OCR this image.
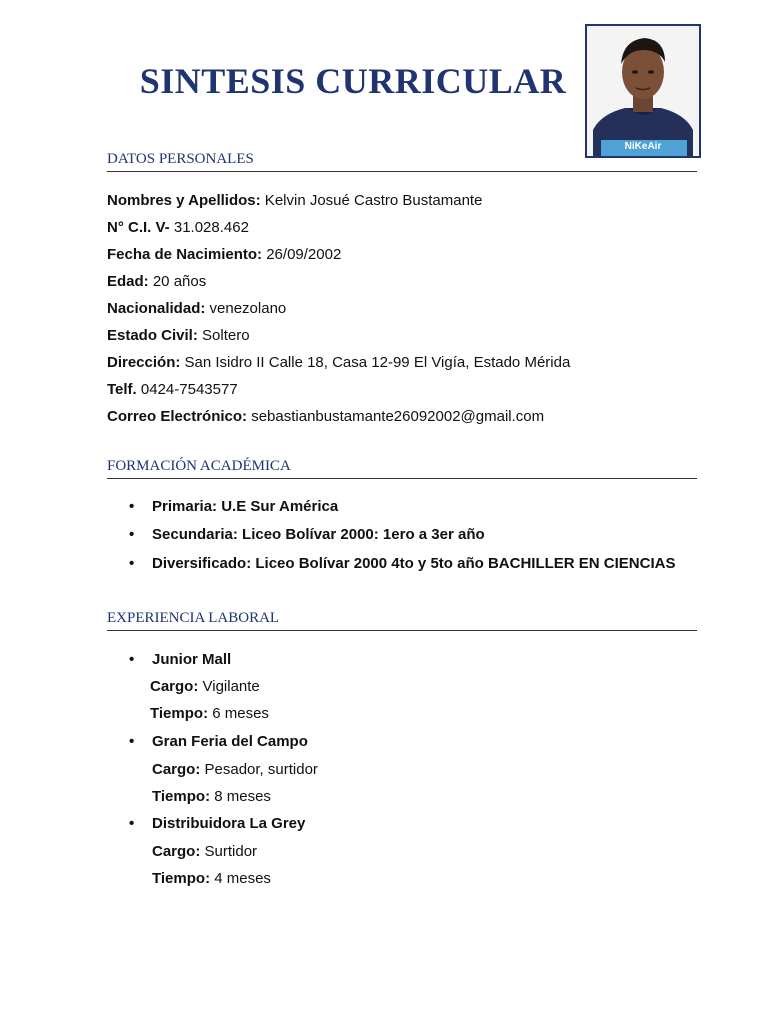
SINTESIS CURRICULAR
NiKeAir
DATOS PERSONALES
Nombres y Apellidos: Kelvin Josué Castro Bustamante
N° C.I. V- 31.028.462
Fecha de Nacimiento: 26/09/2002
Edad: 20 años
Nacionalidad: venezolano
Estado Civil: Soltero
Dirección: San Isidro II Calle 18, Casa 12-99 El Vigía, Estado Mérida
Telf. 0424-7543577
Correo Electrónico: sebastianbustamante26092002@gmail.com
FORMACIÓN ACADÉMICA
• Primaria: U.E Sur América
• Secundaria: Liceo Bolívar 2000: 1ero a 3er año
• Diversificado: Liceo Bolívar 2000 4to y 5to año BACHILLER EN CIENCIAS
EXPERIENCIA LABORAL
• Junior Mall
Cargo: Vigilante
Tiempo: 6 meses
• Gran Feria del Campo
Cargo: Pesador, surtidor
Tiempo: 8 meses
• Distribuidora La Grey
Cargo: Surtidor
Tiempo: 4 meses
